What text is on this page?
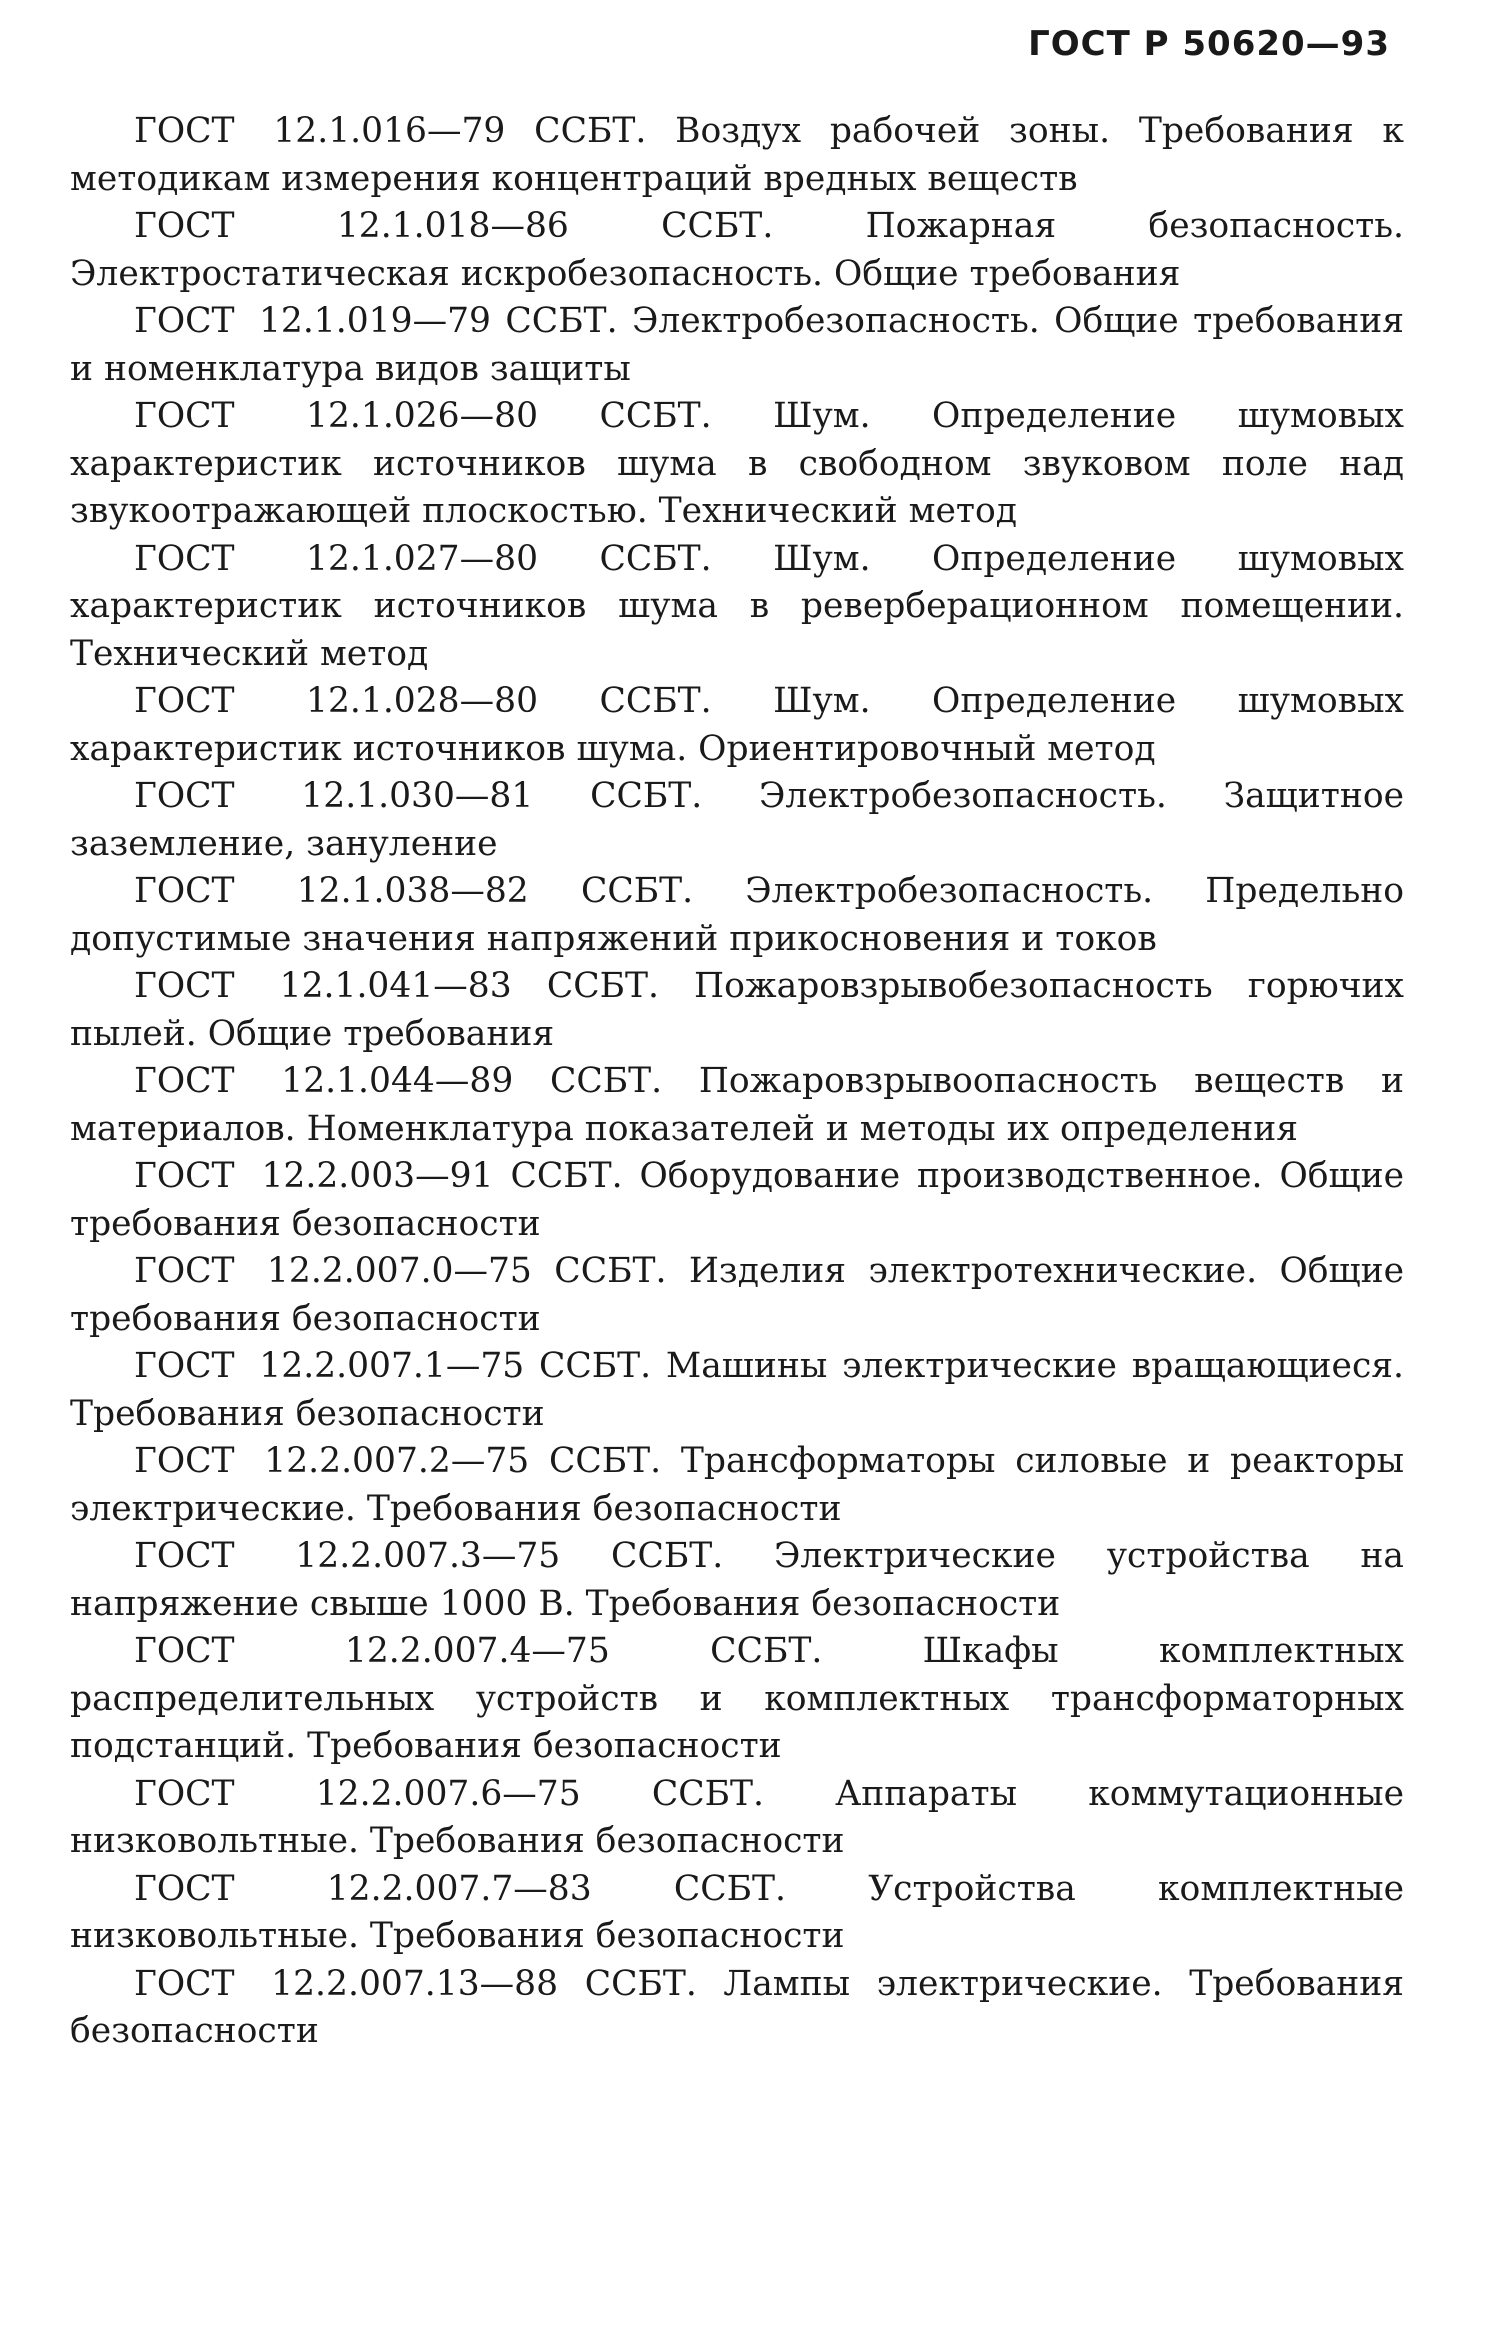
ГОСТ Р 50620—93
ГОСТ 12.1.016—79 ССБТ. Воздух рабочей зоны. Требования к методикам измерения концентраций вредных веществ
ГОСТ 12.1.018—86	ССБТ. Пожарная безопасность. Электростатическая искробезопасность. Общие требования
ГОСТ 12.1.019—79 ССБТ. Электробезопасность. Общие требования и номенклатура видов защиты
ГОСТ 12.1.026—80 ССБТ. Шум. Определение шумовых характеристик источников шума в свободном звуковом поле над звукоотражающей плоскостью. Технический метод
ГОСТ 12.1.027—80 ССБТ. Шум. Определение шумовых характеристик источников шума в реверберационном помещении. Технический метод
ГОСТ 12.1.028—80 ССБТ. Шум. Определение шумовых характеристик источников шума. Ориентировочный метод
ГОСТ 12.1.030—81 ССБТ. Электробезопасность. Защитное заземление, зануление
ГОСТ 12.1.038—82 ССБТ. Электробезопасность. Предельно допустимые значения напряжений прикосновения и токов
ГОСТ 12.1.041—83 ССБТ. Пожаровзрывобезопасность горючих пылей. Общие требования
ГОСТ 12.1.044—89 ССБТ. Пожаровзрывоопасность веществ и материалов. Номенклатура показателей и методы их определения
ГОСТ 12.2.003—91 ССБТ. Оборудование производственное. Общие требования безопасности
ГОСТ 12.2.007.0—75 ССБТ. Изделия электротехнические. Общие требования безопасности
ГОСТ 12.2.007.1—75 ССБТ. Машины электрические вращающиеся. Требования безопасности
ГОСТ 12.2.007.2—75 ССБТ. Трансформаторы силовые и реакторы электрические. Требования безопасности
ГОСТ 12.2.007.3—75 ССБТ. Электрические устройства на напряжение свыше 1000 В. Требования безопасности
ГОСТ 12.2.007.4—75	ССБТ. Шкафы комплектных распределительных устройств и комплектных трансформаторных подстанций. Требования безопасности
ГОСТ 12.2.007.6—75 ССБТ. Аппараты коммутационные низковольтные. Требования безопасности
ГОСТ 12.2.007.7—83 ССБТ. Устройства комплектные низковольтные. Требования безопасности
ГОСТ 12.2.007.13—88 ССБТ. Лампы электрические. Требования безопасности
